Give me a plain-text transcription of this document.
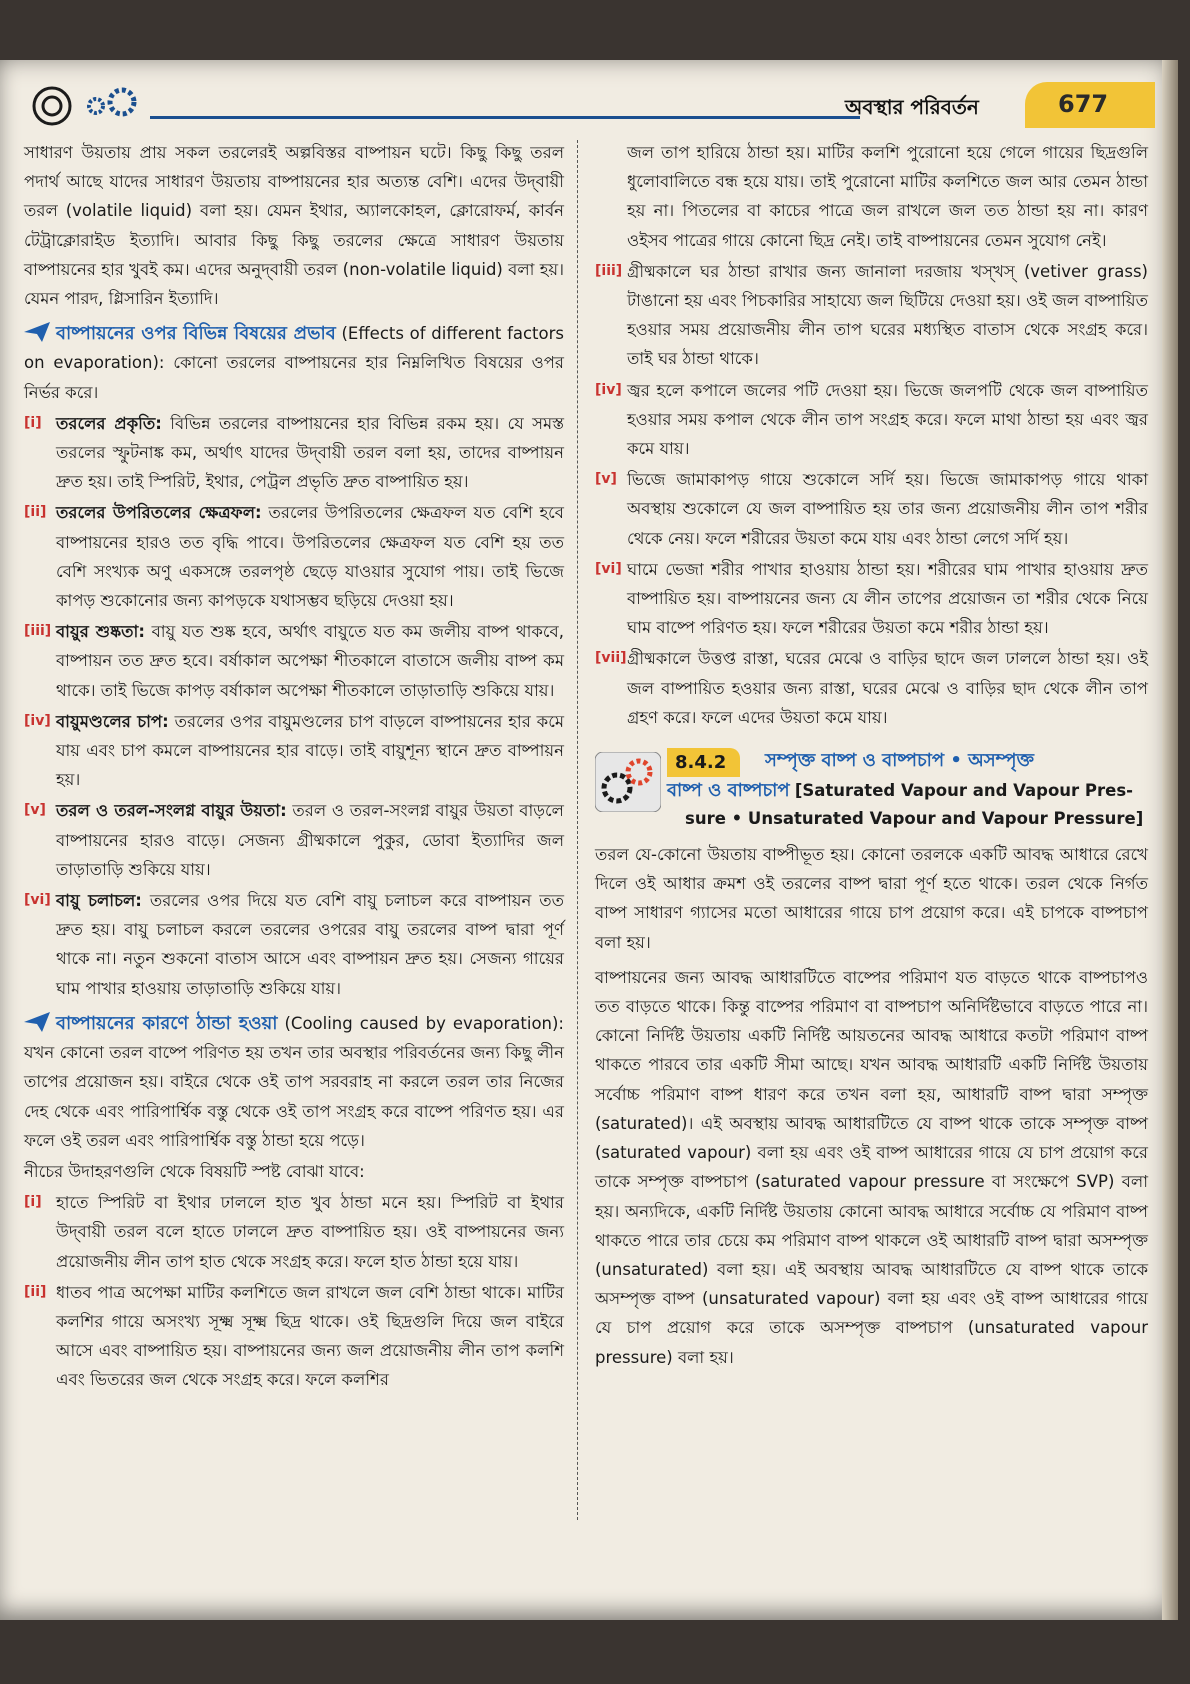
অবস্থার পরিবর্তন	677

সাধারণ উয়তায় প্রায় সকল তরলেরই অল্পবিস্তর বাষ্পায়ন ঘটে। কিছু কিছু তরল পদার্থ আছে যাদের সাধারণ উয়তায় বাষ্পায়নের হার অত্যন্ত বেশি। এদের উদ্‌বায়ী তরল (volatile liquid) বলা হয়। যেমন ইথার, অ্যালকোহল, ক্লোরোফর্ম, কার্বন টেট্রাক্লোরাইড ইত্যাদি। আবার কিছু কিছু তরলের ক্ষেত্রে সাধারণ উয়তায় বাষ্পায়নের হার খুবই কম। এদের অনুদ্‌বায়ী তরল (non-volatile liquid) বলা হয়। যেমন পারদ, গ্লিসারিন ইত্যাদি।

বাষ্পায়নের ওপর বিভিন্ন বিষয়ের প্রভাব (Effects of different factors on evaporation): কোনো তরলের বাষ্পায়নের হার নিম্নলিখিত বিষয়ের ওপর নির্ভর করে।

[i] তরলের প্রকৃতি: বিভিন্ন তরলের বাষ্পায়নের হার বিভিন্ন রকম হয়। যে সমস্ত তরলের স্ফুটনাঙ্ক কম, অর্থাৎ যাদের উদ্‌বায়ী তরল বলা হয়, তাদের বাষ্পায়ন দ্রুত হয়। তাই স্পিরিট, ইথার, পেট্রল প্রভৃতি দ্রুত বাষ্পায়িত হয়।
[ii] তরলের উপরিতলের ক্ষেত্রফল: তরলের উপরিতলের ক্ষেত্রফল যত বেশি হবে বাষ্পায়নের হারও তত বৃদ্ধি পাবে। উপরিতলের ক্ষেত্রফল যত বেশি হয় তত বেশি সংখ্যক অণু একসঙ্গে তরলপৃষ্ঠ ছেড়ে যাওয়ার সুযোগ পায়। তাই ভিজে কাপড় শুকোনোর জন্য কাপড়কে যথাসম্ভব ছড়িয়ে দেওয়া হয়।
[iii] বায়ুর শুষ্কতা: বায়ু যত শুষ্ক হবে, অর্থাৎ বায়ুতে যত কম জলীয় বাষ্প থাকবে, বাষ্পায়ন তত দ্রুত হবে। বর্ষাকাল অপেক্ষা শীতকালে বাতাসে জলীয় বাষ্প কম থাকে। তাই ভিজে কাপড় বর্ষাকাল অপেক্ষা শীতকালে তাড়াতাড়ি শুকিয়ে যায়।
[iv] বায়ুমণ্ডলের চাপ: তরলের ওপর বায়ুমণ্ডলের চাপ বাড়লে বাষ্পায়নের হার কমে যায় এবং চাপ কমলে বাষ্পায়নের হার বাড়ে। তাই বায়ুশূন্য স্থানে দ্রুত বাষ্পায়ন হয়।
[v] তরল ও তরল-সংলগ্ন বায়ুর উয়তা: তরল ও তরল-সংলগ্ন বায়ুর উয়তা বাড়লে বাষ্পায়নের হারও বাড়ে। সেজন্য গ্রীষ্মকালে পুকুর, ডোবা ইত্যাদির জল তাড়াতাড়ি শুকিয়ে যায়।
[vi] বায়ু চলাচল: তরলের ওপর দিয়ে যত বেশি বায়ু চলাচল করে বাষ্পায়ন তত দ্রুত হয়। বায়ু চলাচল করলে তরলের ওপরের বায়ু তরলের বাষ্প দ্বারা পূর্ণ থাকে না। নতুন শুকনো বাতাস আসে এবং বাষ্পায়ন দ্রুত হয়। সেজন্য গায়ের ঘাম পাখার হাওয়ায় তাড়াতাড়ি শুকিয়ে যায়।

বাষ্পায়নের কারণে ঠান্ডা হওয়া (Cooling caused by evaporation): যখন কোনো তরল বাষ্পে পরিণত হয় তখন তার অবস্থার পরিবর্তনের জন্য কিছু লীন তাপের প্রয়োজন হয়। বাইরে থেকে ওই তাপ সরবরাহ না করলে তরল তার নিজের দেহ থেকে এবং পারিপার্শ্বিক বস্তু থেকে ওই তাপ সংগ্রহ করে বাষ্পে পরিণত হয়। এর ফলে ওই তরল এবং পারিপার্শ্বিক বস্তু ঠান্ডা হয়ে পড়ে।

নীচের উদাহরণগুলি থেকে বিষয়টি স্পষ্ট বোঝা যাবে:

[i] হাতে স্পিরিট বা ইথার ঢাললে হাত খুব ঠান্ডা মনে হয়। স্পিরিট বা ইথার উদ্‌বায়ী তরল বলে হাতে ঢাললে দ্রুত বাষ্পায়িত হয়। ওই বাষ্পায়নের জন্য প্রয়োজনীয় লীন তাপ হাত থেকে সংগ্রহ করে। ফলে হাত ঠান্ডা হয়ে যায়।
[ii] ধাতব পাত্র অপেক্ষা মাটির কলশিতে জল রাখলে জল বেশি ঠান্ডা থাকে। মাটির কলশির গায়ে অসংখ্য সূক্ষ্ম সূক্ষ্ম ছিদ্র থাকে। ওই ছিদ্রগুলি দিয়ে জল বাইরে আসে এবং বাষ্পায়িত হয়। বাষ্পায়নের জন্য জল প্রয়োজনীয় লীন তাপ কলশি এবং ভিতরের জল থেকে সংগ্রহ করে। ফলে কলশির

জল তাপ হারিয়ে ঠান্ডা হয়। মাটির কলশি পুরোনো হয়ে গেলে গায়ের ছিদ্রগুলি ধুলোবালিতে বন্ধ হয়ে যায়। তাই পুরোনো মাটির কলশিতে জল আর তেমন ঠান্ডা হয় না। পিতলের বা কাচের পাত্রে জল রাখলে জল তত ঠান্ডা হয় না। কারণ ওইসব পাত্রের গায়ে কোনো ছিদ্র নেই। তাই বাষ্পায়নের তেমন সুযোগ নেই।

[iii] গ্রীষ্মকালে ঘর ঠান্ডা রাখার জন্য জানালা দরজায় খস্‌খস্ (vetiver grass) টাঙানো হয় এবং পিচকারির সাহায্যে জল ছিটিয়ে দেওয়া হয়। ওই জল বাষ্পায়িত হওয়ার সময় প্রয়োজনীয় লীন তাপ ঘরের মধ্যস্থিত বাতাস থেকে সংগ্রহ করে। তাই ঘর ঠান্ডা থাকে।
[iv] জ্বর হলে কপালে জলের পটি দেওয়া হয়। ভিজে জলপটি থেকে জল বাষ্পায়িত হওয়ার সময় কপাল থেকে লীন তাপ সংগ্রহ করে। ফলে মাথা ঠান্ডা হয় এবং জ্বর কমে যায়।
[v] ভিজে জামাকাপড় গায়ে শুকোলে সর্দি হয়। ভিজে জামাকাপড় গায়ে থাকা অবস্থায় শুকোলে যে জল বাষ্পায়িত হয় তার জন্য প্রয়োজনীয় লীন তাপ শরীর থেকে নেয়। ফলে শরীরের উয়তা কমে যায় এবং ঠান্ডা লেগে সর্দি হয়।
[vi] ঘামে ভেজা শরীর পাখার হাওয়ায় ঠান্ডা হয়। শরীরের ঘাম পাখার হাওয়ায় দ্রুত বাষ্পায়িত হয়। বাষ্পায়নের জন্য যে লীন তাপের প্রয়োজন তা শরীর থেকে নিয়ে ঘাম বাষ্পে পরিণত হয়। ফলে শরীরের উয়তা কমে শরীর ঠান্ডা হয়।
[vii] গ্রীষ্মকালে উত্তপ্ত রাস্তা, ঘরের মেঝে ও বাড়ির ছাদে জল ঢাললে ঠান্ডা হয়। ওই জল বাষ্পায়িত হওয়ার জন্য রাস্তা, ঘরের মেঝে ও বাড়ির ছাদ থেকে লীন তাপ গ্রহণ করে। ফলে এদের উয়তা কমে যায়।
8.4.2	সম্পৃক্ত বাষ্প ও বাষ্পচাপ • অসম্পৃক্ত
বাষ্প ও বাষ্পচাপ [Saturated Vapour and Vapour Pres-
sure • Unsaturated Vapour and Vapour Pressure]

তরল যে-কোনো উয়তায় বাষ্পীভূত হয়। কোনো তরলকে একটি আবদ্ধ আধারে রেখে দিলে ওই আধার ক্রমশ ওই তরলের বাষ্প দ্বারা পূর্ণ হতে থাকে। তরল থেকে নির্গত বাষ্প সাধারণ গ্যাসের মতো আধারের গায়ে চাপ প্রয়োগ করে। এই চাপকে বাষ্পচাপ বলা হয়।

বাষ্পায়নের জন্য আবদ্ধ আধারটিতে বাষ্পের পরিমাণ যত বাড়তে থাকে বাষ্পচাপও তত বাড়তে থাকে। কিন্তু বাষ্পের পরিমাণ বা বাষ্পচাপ অনির্দিষ্টভাবে বাড়তে পারে না। কোনো নির্দিষ্ট উয়তায় একটি নির্দিষ্ট আয়তনের আবদ্ধ আধারে কতটা পরিমাণ বাষ্প থাকতে পারবে তার একটি সীমা আছে। যখন আবদ্ধ আধারটি একটি নির্দিষ্ট উয়তায় সর্বোচ্চ পরিমাণ বাষ্প ধারণ করে তখন বলা হয়, আধারটি বাষ্প দ্বারা সম্পৃক্ত (saturated)। এই অবস্থায় আবদ্ধ আধারটিতে যে বাষ্প থাকে তাকে সম্পৃক্ত বাষ্প (saturated vapour) বলা হয় এবং ওই বাষ্প আধারের গায়ে যে চাপ প্রয়োগ করে তাকে সম্পৃক্ত বাষ্পচাপ (saturated vapour pressure বা সংক্ষেপে SVP) বলা হয়। অন্যদিকে, একটি নির্দিষ্ট উয়তায় কোনো আবদ্ধ আধারে সর্বোচ্চ যে পরিমাণ বাষ্প থাকতে পারে তার চেয়ে কম পরিমাণ বাষ্প থাকলে ওই আধারটি বাষ্প দ্বারা অসম্পৃক্ত (unsaturated) বলা হয়। এই অবস্থায় আবদ্ধ আধারটিতে যে বাষ্প থাকে তাকে অসম্পৃক্ত বাষ্প (unsaturated vapour) বলা হয় এবং ওই বাষ্প আধারের গায়ে যে চাপ প্রয়োগ করে তাকে অসম্পৃক্ত বাষ্পচাপ (unsaturated vapour pressure) বলা হয়।
